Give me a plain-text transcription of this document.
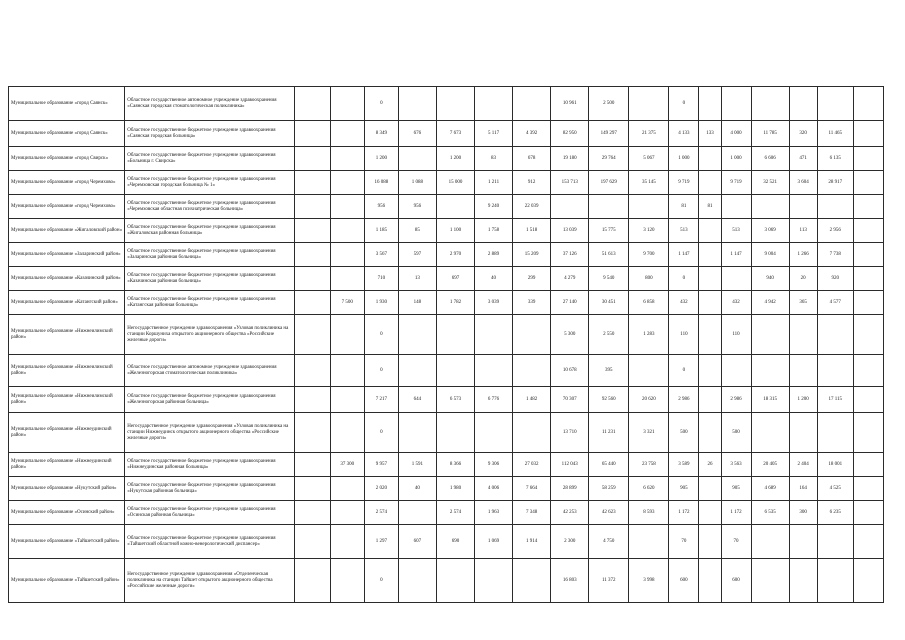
Муниципальное образование «город Саянск»	Областное государственное автономное учреждение здравоохранения «Саянская городская стоматологическая поликлиника»			0					10 961	2 500		0						
Муниципальное образование «город Саянск»	Областное государственное бюджетное учреждение здравоохранения «Саянская городская больница»			8 349	676	7 673	5 117	4 392	82 950	149 297	21 375	4 133	133	4 000	11 785	320	11 465	
Муниципальное образование «город Свирск»	Областное государственное бюджетное учреждение здравоохранения «Больница г. Свирска»			1 200		1 200	83	678	19 180	29 764	5 067	1 000		1 000	6 606	471	6 135	
Муниципальное образование «город Черемхово»	Областное государственное бюджетное учреждение здравоохранения «Черемховская городская больница № 1»			16 088	1 088	15 000	1 211	912	153 713	197 629	35 145	9 719		9 719	32 521	3 604	28 917	
Муниципальное образование «город Черемхово»	Областное государственное бюджетное учреждение здравоохранения «Черемховская областная психиатрическая больница»			956	956		9 240	22 039				81	81					
Муниципальное образование «Жигаловский район»	Областное государственное бюджетное учреждение здравоохранения «Жигаловская районная больница»			1 185	85	1 100	1 758	1 518	13 039	15 775	3 120	513		513	3 069	113	2 956	
Муниципальное образование «Заларинский район»	Областное государственное бюджетное учреждение здравоохранения «Заларинская районная больница»			3 567	597	2 970	2 889	15 209	37 126	51 613	9 700	1 147		1 147	9 004	1 266	7 738	
Муниципальное образование «Казачинский район»	Областное государственное бюджетное учреждение здравоохранения «Казачинская районная больница»			710	13	697	40	299	4 279	9 540	800	0			940	20	920	
Муниципальное образование «Катангский район»	Областное государственное бюджетное учреждение здравоохранения «Катангская районная больница»		7 500	1 930	148	1 782	3 039	339	27 140	30 451	6 858	432		432	4 942	365	4 577	
Муниципальное образование «Нижнеилимский район»	Негосударственное учреждение здравоохранения «Узловая поликлиника на станции Коршуниха открытого акционерного общества «Российские железные дороги»			0					5 300	2 550	1 283	110		110				
Муниципальное образование «Нижнеилимский район»	Областное государственное автономное учреждение здравоохранения «Железногорская стоматологическая поликлиника»			0					10 678	395		0						
Муниципальное образование «Нижнеилимский район»	Областное государственное бюджетное учреждение здравоохранения «Железногорская районная больница»			7 217	644	6 573	6 776	1 482	70 307	92 560	20 620	2 986		2 986	18 315	1 200	17 115	
Муниципальное образование «Нижнеудинский район»	Негосударственное учреждение здравоохранения «Узловая поликлиника на станции Нижнеудинск открытого акционерного общества «Российские железные дороги»			0					13 710	11 231	3 321	500		500				
Муниципальное образование «Нижнеудинский район»	Областное государственное бюджетное учреждение здравоохранения «Нижнеудинская районная больница»		37 300	9 957	1 591	8 366	9 306	27 032	112 043	65 440	23 758	3 589	26	3 563	20 405	2 404	18 001	
Муниципальное образование «Нукутский район»	Областное государственное бюджетное учреждение здравоохранения «Нукутская районная больница»			2 020	40	1 980	4 006	7 664	28 899	58 259	6 620	905		905	4 689	164	4 525	
Муниципальное образование «Осинский район»	Областное государственное бюджетное учреждение здравоохранения «Осинская районная больница»			2 574		2 574	1 963	7 348	42 253	42 623	8 593	1 172		1 172	6 535	300	6 235	
Муниципальное образование «Тайшетский район»	Областное государственное бюджетное учреждение здравоохранения «Тайшетский областной кожно-венерологический диспансер»			1 297	607	690	1 069	1 914	2 300	4 750		70		70				
Муниципальное образование «Тайшетский район»	Негосударственное учреждение здравоохранения «Отделенческая поликлиника на станции Тайшет открытого акционерного общества «Российские железные дороги»			0					16 803	11 372	3 998	600		600				
